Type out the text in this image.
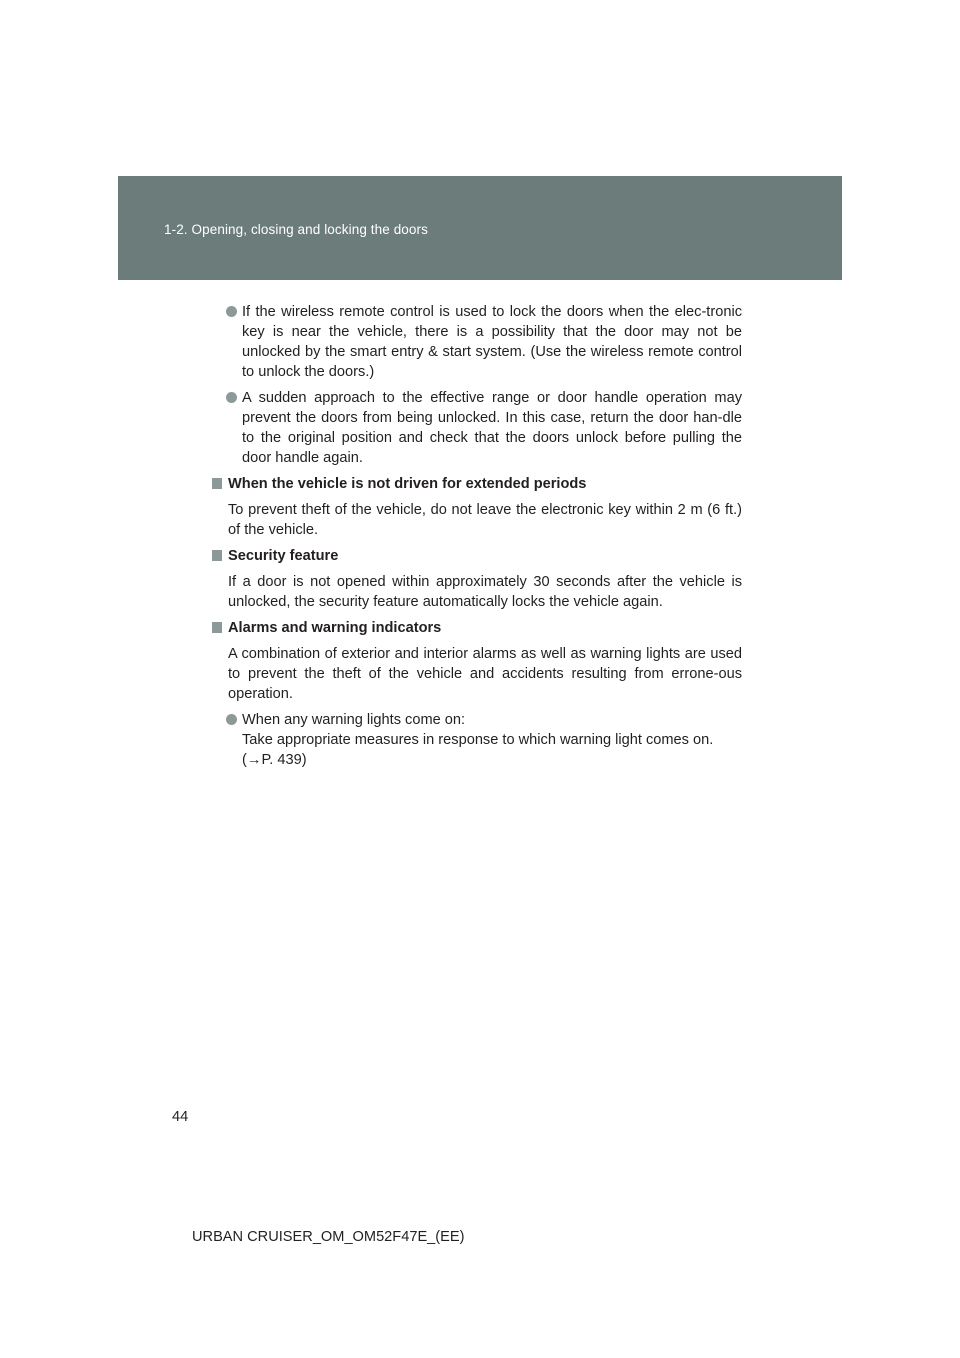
1-2. Opening, closing and locking the doors
If the wireless remote control is used to lock the doors when the elec-tronic key is near the vehicle, there is a possibility that the door may not be unlocked by the smart entry & start system. (Use the wireless remote control to unlock the doors.)
A sudden approach to the effective range or door handle operation may prevent the doors from being unlocked. In this case, return the door han-dle to the original position and check that the doors unlock before pulling the door handle again.
When the vehicle is not driven for extended periods
To prevent theft of the vehicle, do not leave the electronic key within 2 m (6 ft.) of the vehicle.
Security feature
If a door is not opened within approximately 30 seconds after the vehicle is unlocked, the security feature automatically locks the vehicle again.
Alarms and warning indicators
A combination of exterior and interior alarms as well as warning lights are used to prevent the theft of the vehicle and accidents resulting from errone-ous operation.
When any warning lights come on:
Take appropriate measures in response to which warning light comes on.
(→P. 439)
44
URBAN CRUISER_OM_OM52F47E_(EE)
